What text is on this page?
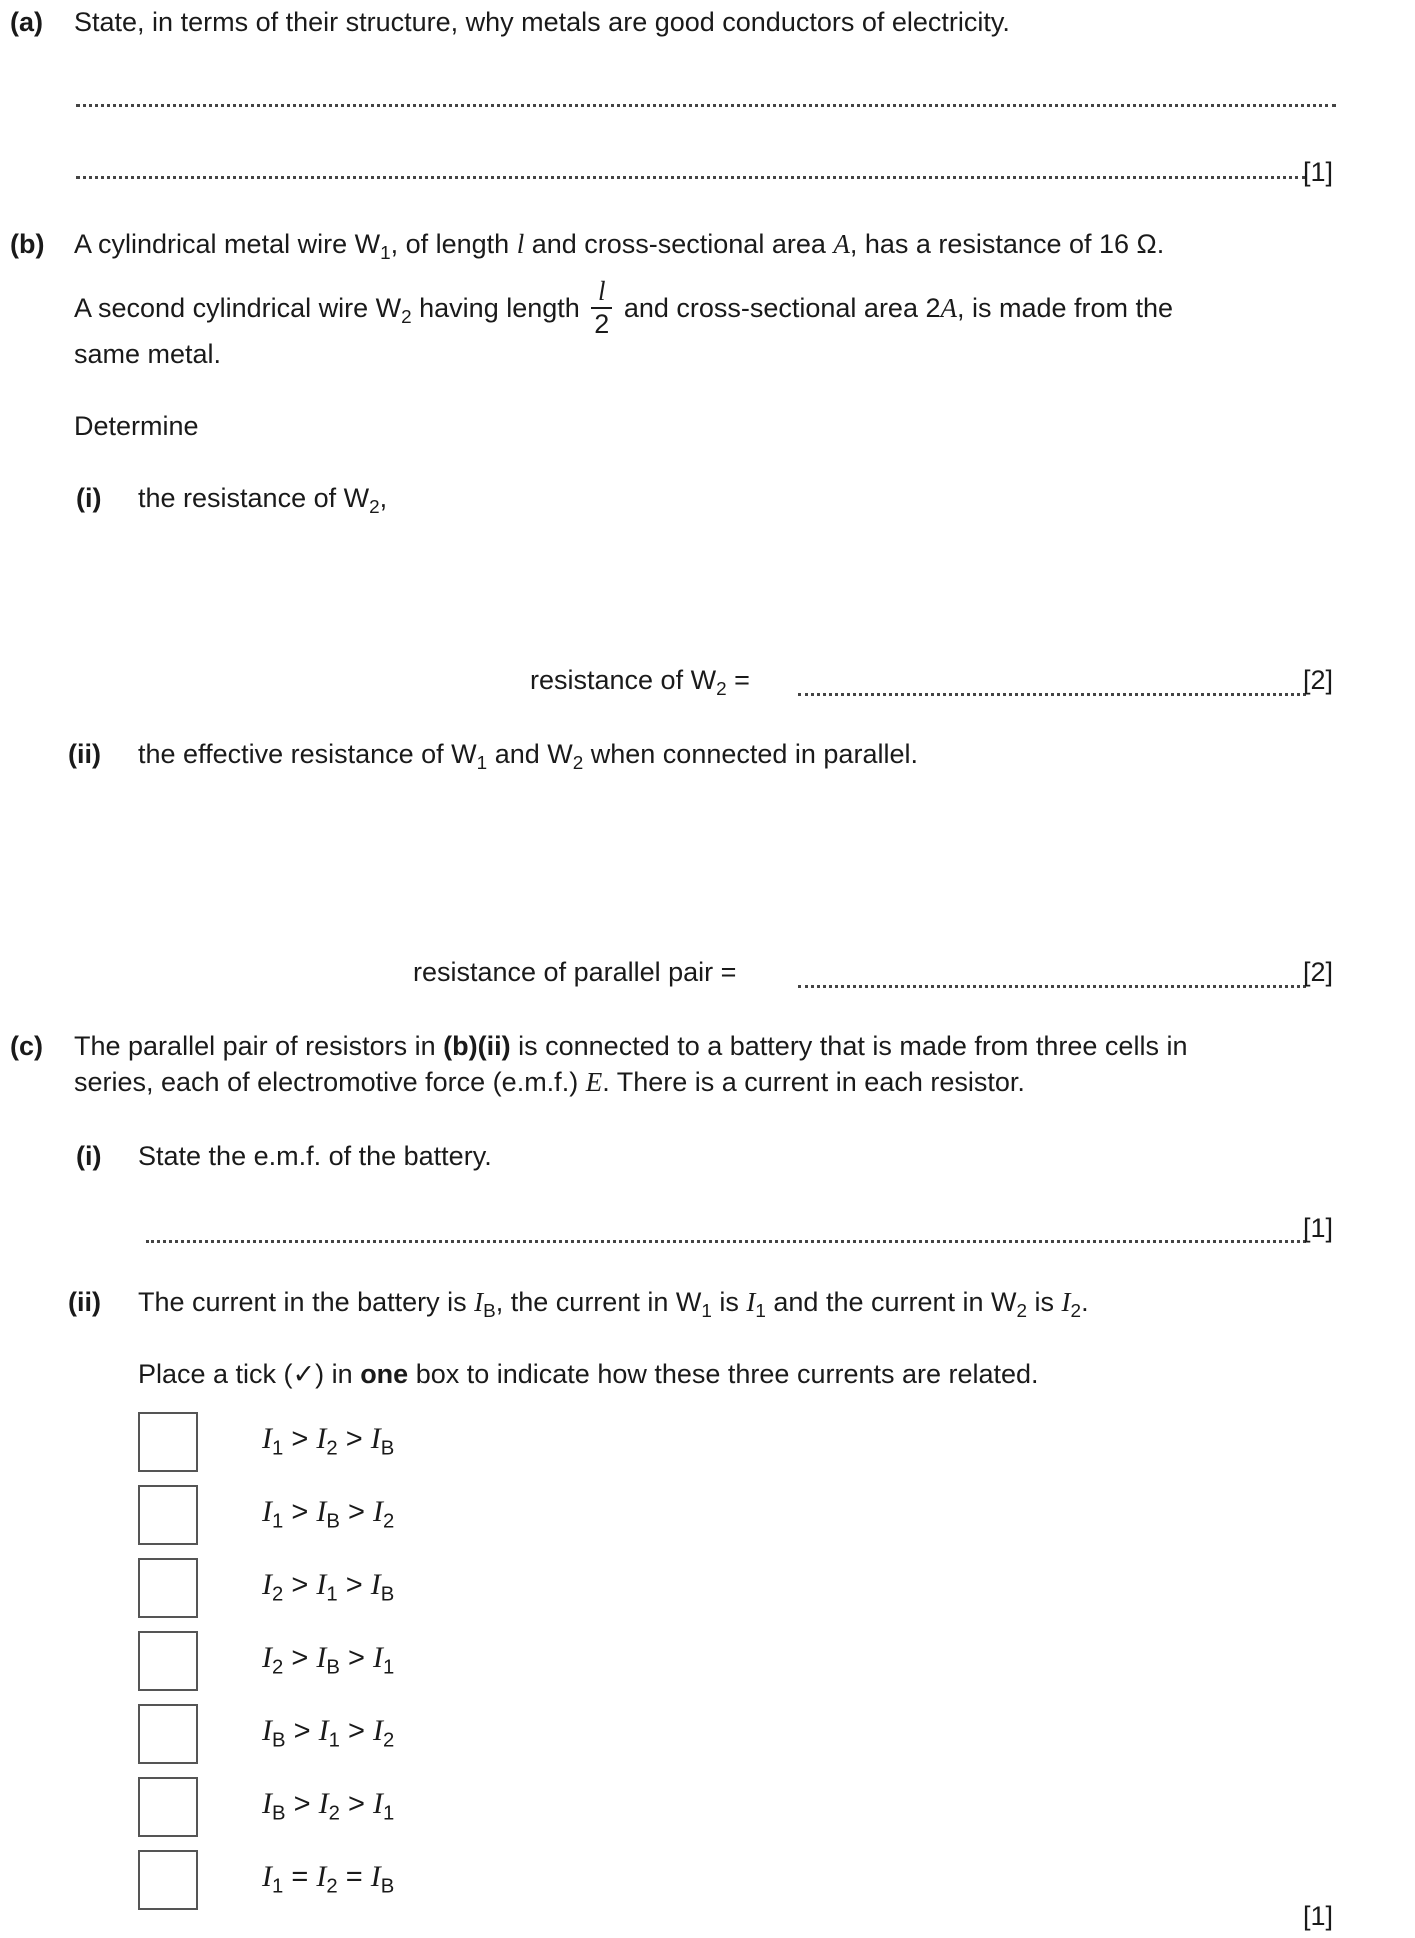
(a) State, in terms of their structure, why metals are good conductors of electricity.
[1]
(b) A cylindrical metal wire $W_1$, of length l and cross-sectional area A, has a resistance of 16 Ω.
A second cylindrical wire $W_2$ having length $\frac{l}{2}$ and cross-sectional area 2A, is made from the
same metal.
Determine
(i) the resistance of $W_2$,
resistance of $W_2$ =	[2]
(ii) the effective resistance of $W_1$ and $W_2$ when connected in parallel.
resistance of parallel pair =	[2]
(c) The parallel pair of resistors in (b)(ii) is connected to a battery that is made from three cells in
series, each of electromotive force (e.m.f.) E. There is a current in each resistor.
(i) State the e.m.f. of the battery.
[1]
(ii) The current in the battery is $I_B$, the current in $W_1$ is $I_1$ and the current in $W_2$ is $I_2$.
Place a tick (✓) in one box to indicate how these three currents are related.
$I_1 > I_2 > I_B$
$I_1 > I_B > I_2$
$I_2 > I_1 > I_B$
$I_2 > I_B > I_1$
$I_B > I_1 > I_2$
$I_B > I_2 > I_1$
$I_1 = I_2 = I_B$
[1]
